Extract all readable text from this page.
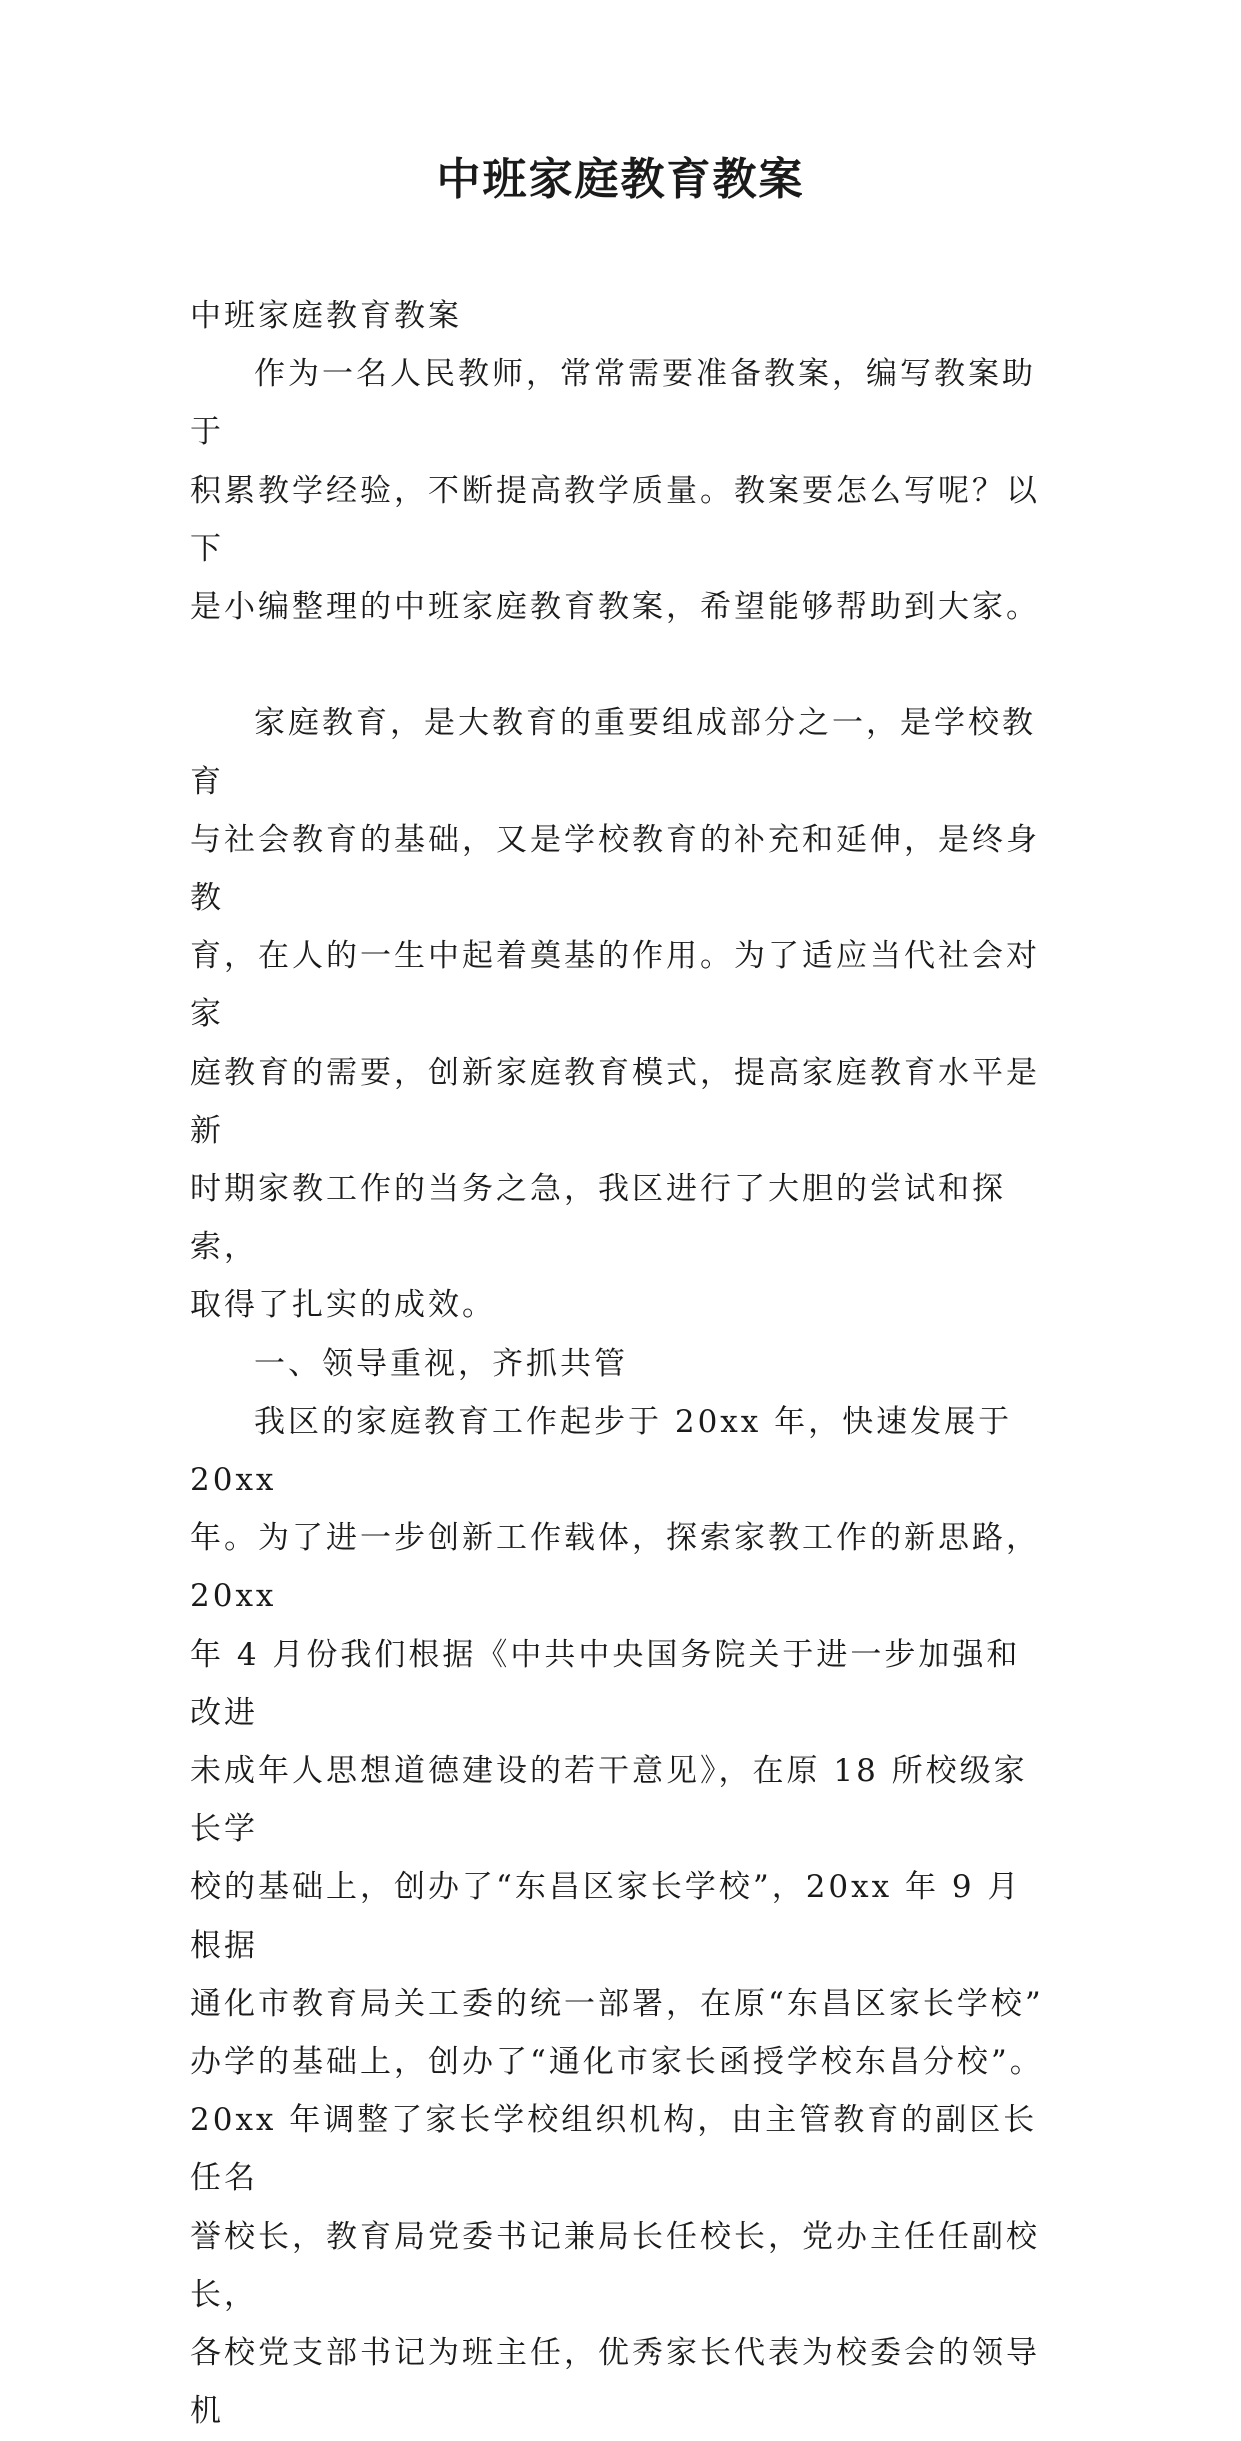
中班家庭教育教案

中班家庭教育教案

作为一名人民教师，常常需要准备教案，编写教案助于

积累教学经验，不断提高教学质量。教案要怎么写呢？以下

是小编整理的中班家庭教育教案，希望能够帮助到大家。

家庭教育，是大教育的重要组成部分之一，是学校教育

与社会教育的基础，又是学校教育的补充和延伸，是终身教

育，在人的一生中起着奠基的作用。为了适应当代社会对家

庭教育的需要，创新家庭教育模式，提高家庭教育水平是新

时期家教工作的当务之急，我区进行了大胆的尝试和探索，

取得了扎实的成效。

一、领导重视，齐抓共管

我区的家庭教育工作起步于 20xx 年，快速发展于 20xx

年。为了进一步创新工作载体，探索家教工作的新思路，20xx

年 4 月份我们根据《中共中央国务院关于进一步加强和改进

未成年人思想道德建设的若干意见》，在原 18 所校级家长学

校的基础上，创办了“东昌区家长学校”，20xx 年 9 月根据

通化市教育局关工委的统一部署，在原“东昌区家长学校”

办学的基础上，创办了“通化市家长函授学校东昌分校”。

20xx 年调整了家长学校组织机构，由主管教育的副区长任名

誉校长，教育局党委书记兼局长任校长，党办主任任副校长，

各校党支部书记为班主任，优秀家长代表为校委会的领导机
